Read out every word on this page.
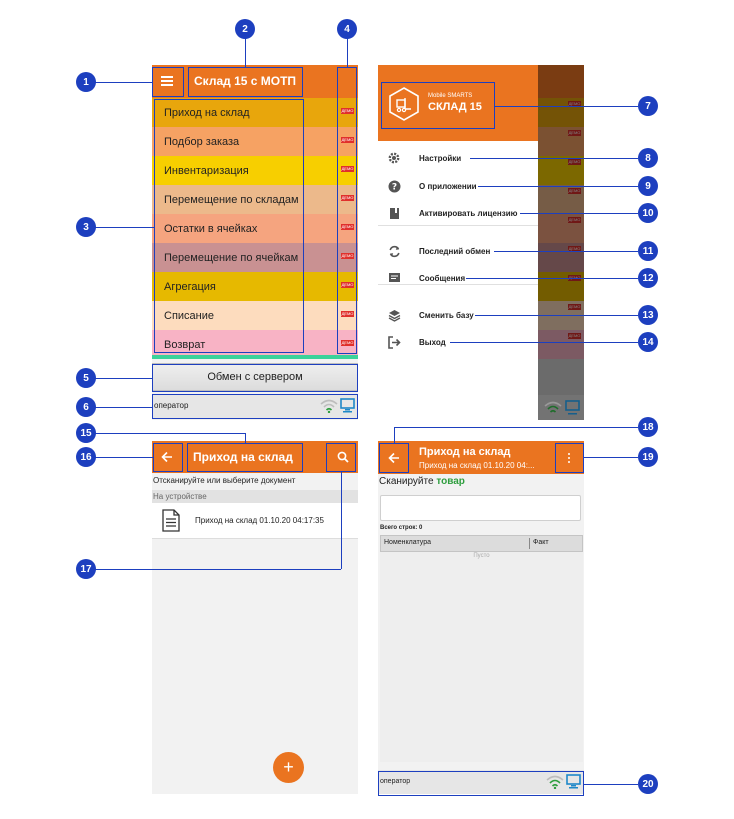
Склад 15 с МОТП
Приход на склад	ДЕМО
Подбор заказа	ДЕМО
Инвентаризация	ДЕМО
Перемещение по складам	ДЕМО
Остатки в ячейках	ДЕМО
Перемещение по ячейкам	ДЕМО
Агрегация	ДЕМО
Списание	ДЕМО
Возврат	ДЕМО
Обмен с сервером
оператор
ДЕМО
ДЕМО
ДЕМО
ДЕМО
ДЕМО
ДЕМО
ДЕМО
ДЕМО
Mobile SMARTS
СКЛАД 15
Настройки
?	О приложении
Активировать лицензию
Последний обмен
Сообщения
Сменить базу
Выход
Приход на склад
Отсканируйте или выберите документ
На устройстве
Приход на склад 01.10.20 04:17:35
+
Приход на склад
Приход на склад 01.10.20 04:...
Сканируйте товар
Всего строк: 0
Номенклатура	Факт
Пусто
оператор
1
2
3
4
5
6
7
8
9
10
11
12
13
14
15
16
17
18
19
20
